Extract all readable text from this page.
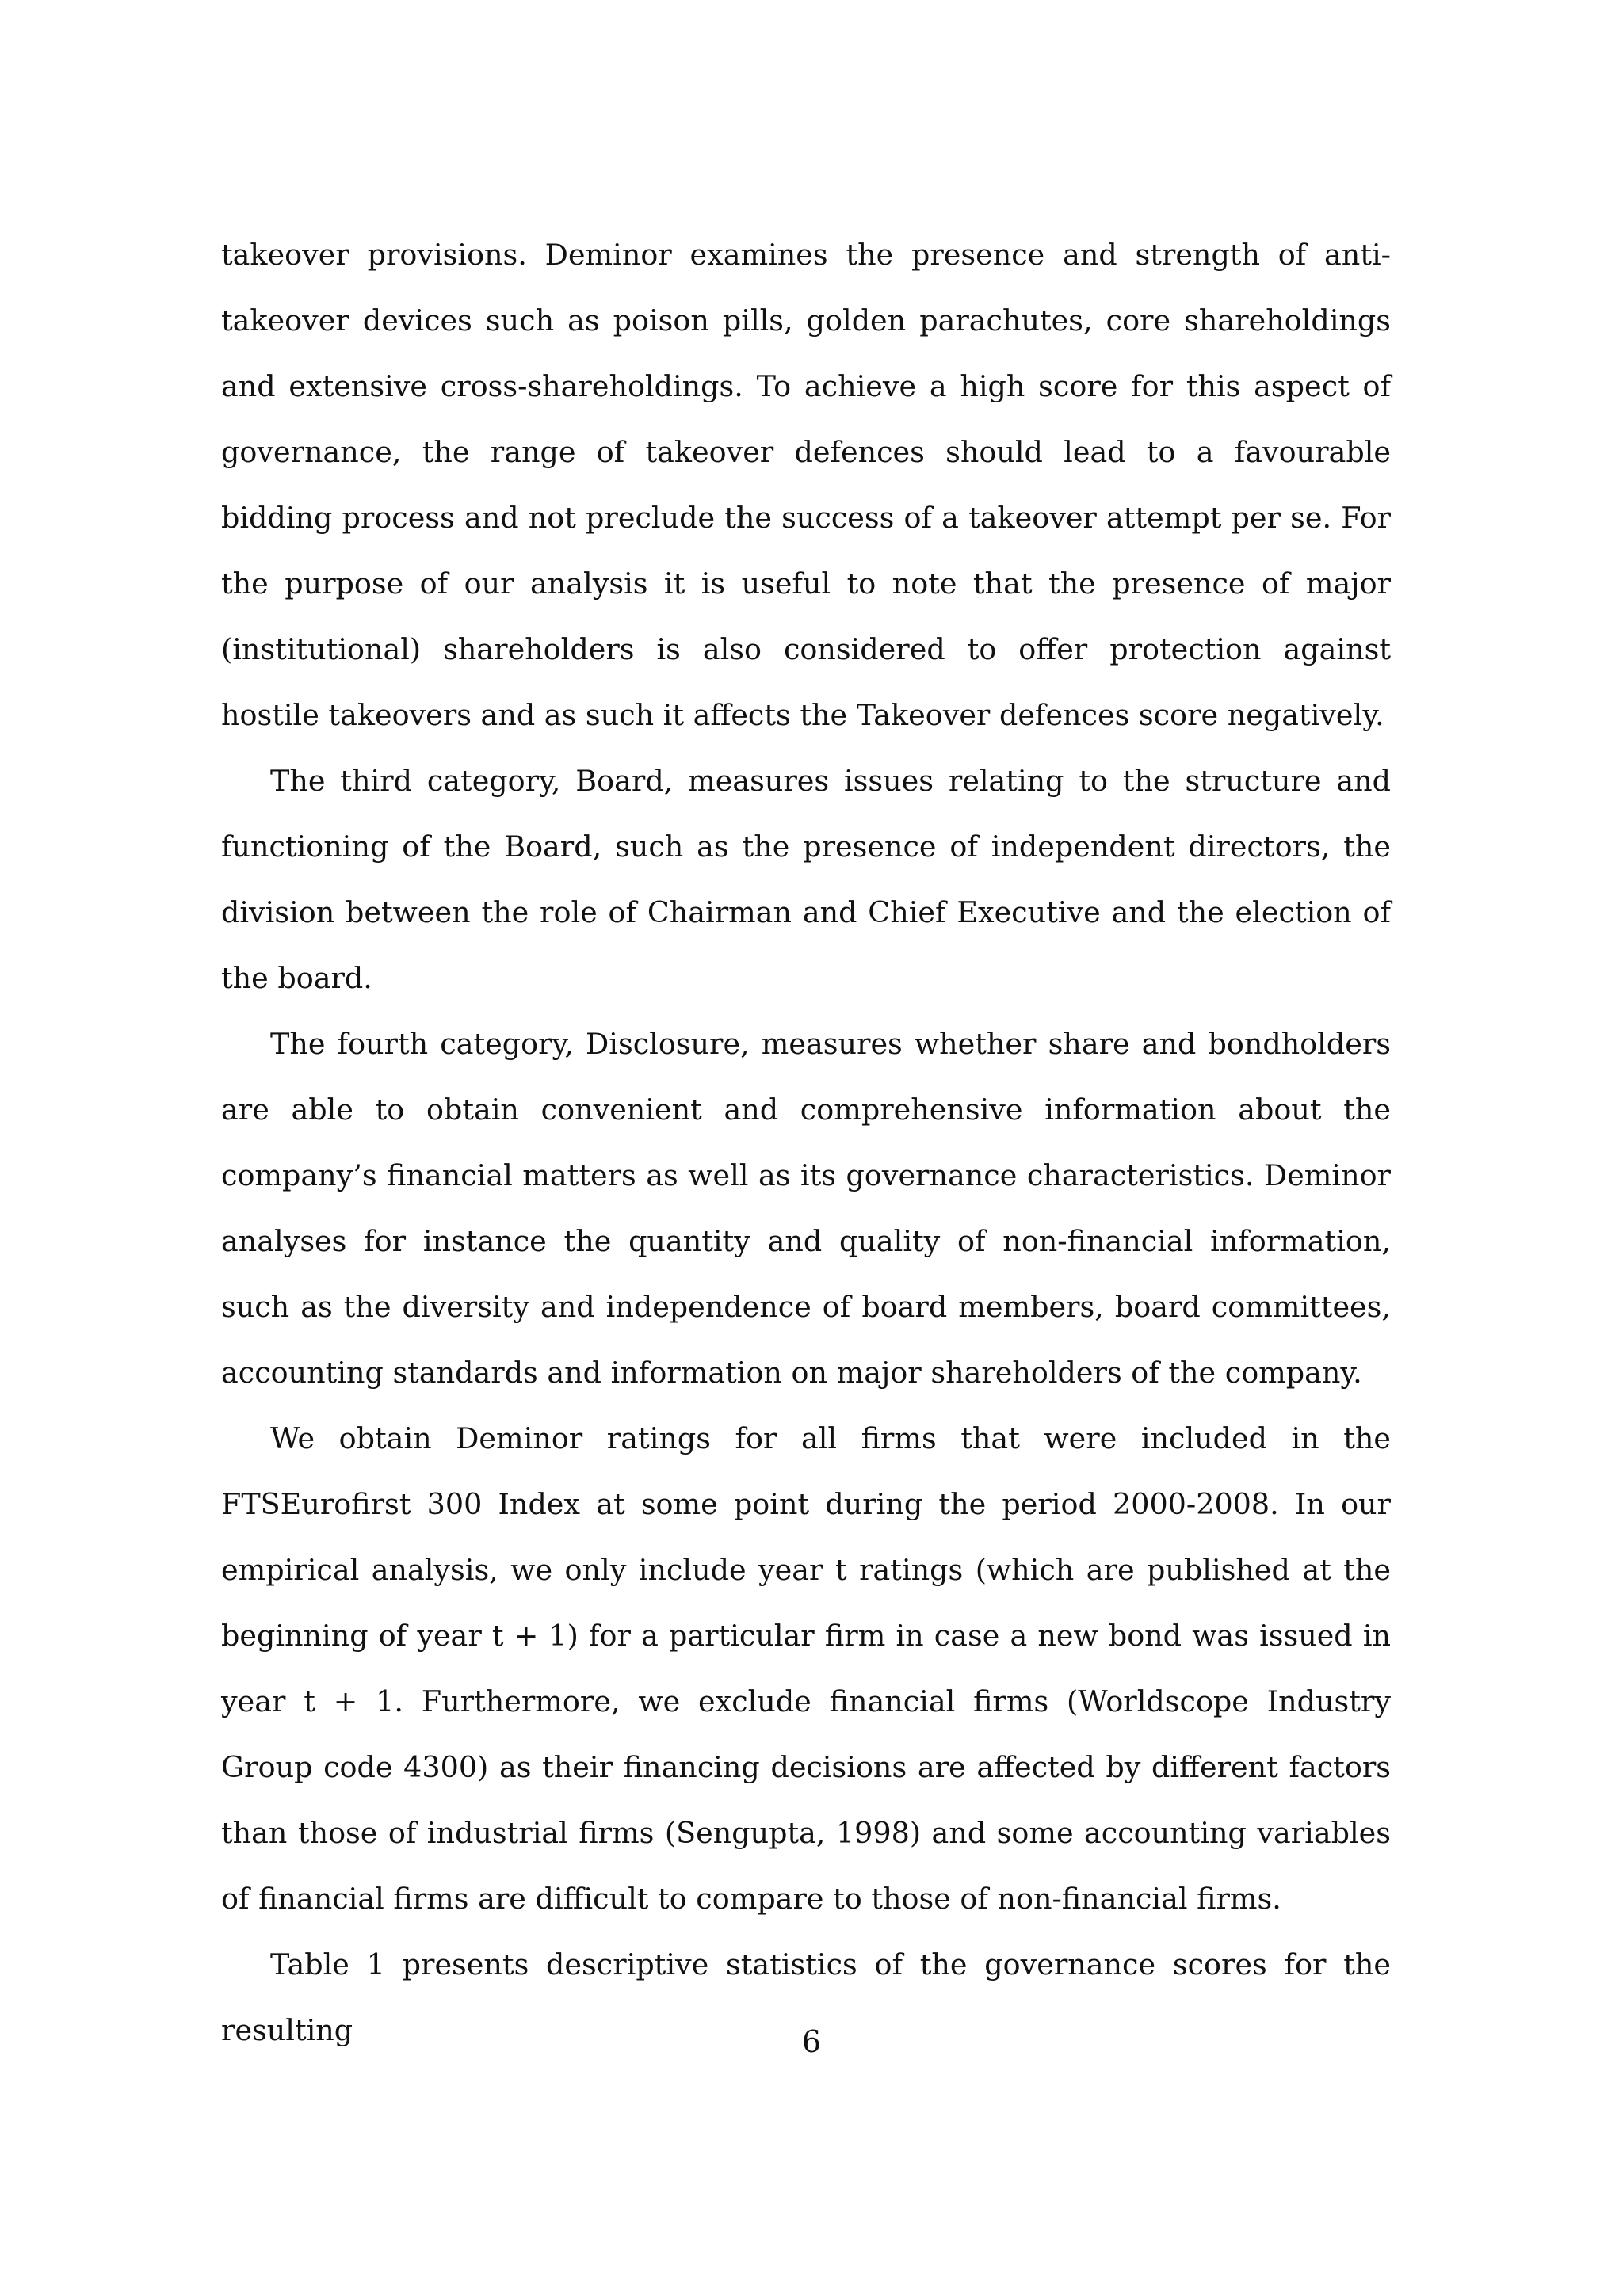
takeover provisions. Deminor examines the presence and strength of anti-takeover devices such as poison pills, golden parachutes, core shareholdings and extensive cross-shareholdings. To achieve a high score for this aspect of governance, the range of takeover defences should lead to a favourable bidding process and not preclude the success of a takeover attempt per se. For the purpose of our analysis it is useful to note that the presence of major (institutional) shareholders is also considered to offer protection against hostile takeovers and as such it affects the Takeover defences score negatively.

The third category, Board, measures issues relating to the structure and functioning of the Board, such as the presence of independent directors, the division between the role of Chairman and Chief Executive and the election of the board.

The fourth category, Disclosure, measures whether share and bondholders are able to obtain convenient and comprehensive information about the company’s financial matters as well as its governance characteristics. Deminor analyses for instance the quantity and quality of non-financial information, such as the diversity and independence of board members, board committees, accounting standards and information on major shareholders of the company.

We obtain Deminor ratings for all firms that were included in the FTSEurofirst 300 Index at some point during the period 2000-2008. In our empirical analysis, we only include year t ratings (which are published at the beginning of year t + 1) for a particular firm in case a new bond was issued in year t + 1. Furthermore, we exclude financial firms (Worldscope Industry Group code 4300) as their financing decisions are affected by different factors than those of industrial firms (Sengupta, 1998) and some accounting variables of financial firms are difficult to compare to those of non-financial firms.

Table 1 presents descriptive statistics of the governance scores for the resulting	6
